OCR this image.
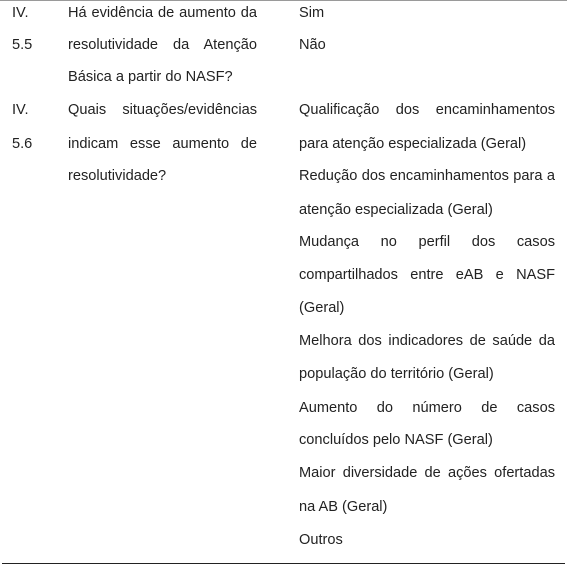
IV.
5.5
Há evidência de aumento da
resolutividade da Atenção
Básica a partir do NASF?
Sim
Não
IV.
5.6
Quais situações/evidências
indicam esse aumento de
resolutividade?
Qualificação dos encaminhamentos
para atenção especializada (Geral)
Redução dos encaminhamentos para a
atenção especializada (Geral)
Mudança no perfil dos casos
compartilhados entre eAB e NASF
(Geral)
Melhora dos indicadores de saúde da
população do território (Geral)
Aumento do número de casos
concluídos pelo NASF (Geral)
Maior diversidade de ações ofertadas
na AB (Geral)
Outros
